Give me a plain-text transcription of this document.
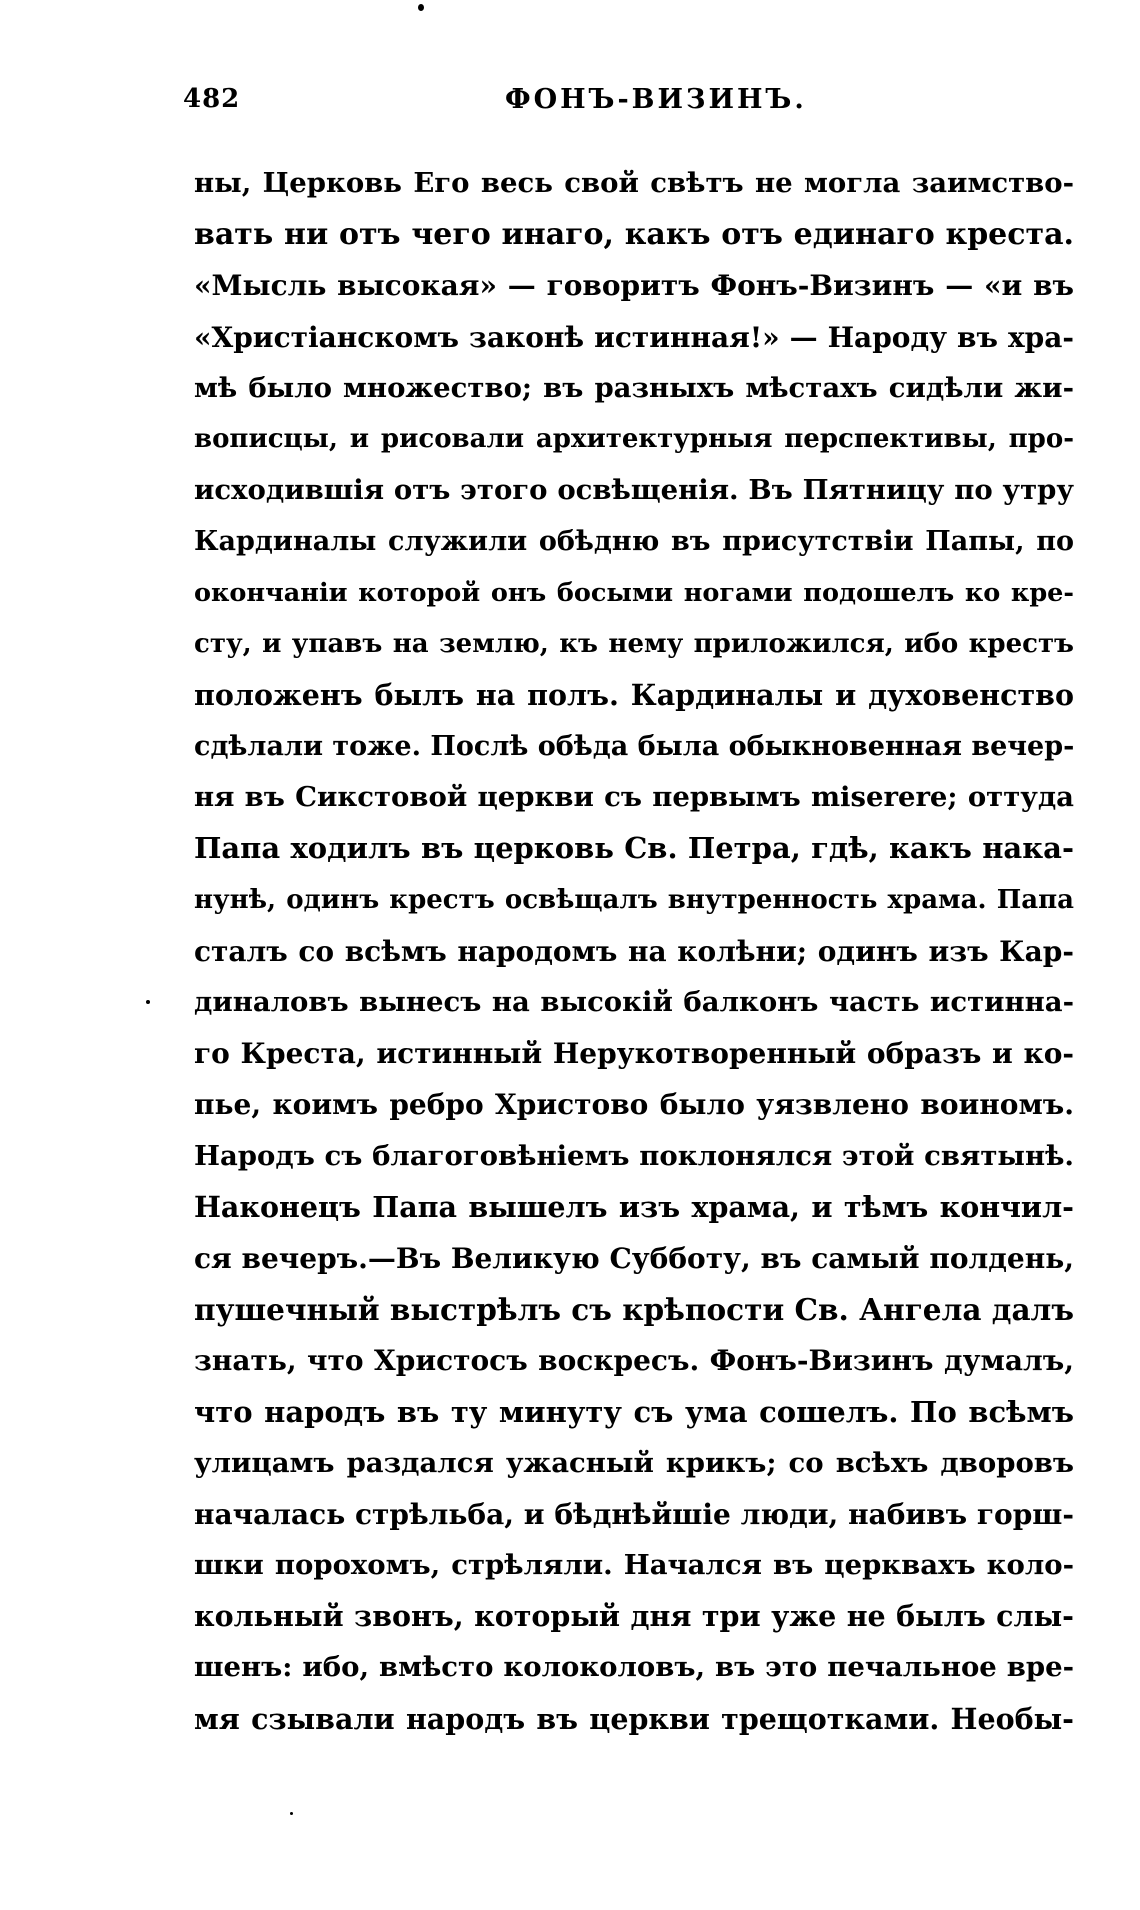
482	ФОНЪ-ВИЗИНЪ.
ны, Церковь Его весь свой свѣтъ не могла заимство-
вать ни отъ чего инаго, какъ отъ единаго креста.
«Мысль высокая» — говоритъ Фонъ-Визинъ — «и въ
«Христіанскомъ законѣ истинная!» — Народу въ хра-
мѣ было множество; въ разныхъ мѣстахъ сидѣли жи-
вописцы, и рисовали архитектурныя перспективы, про-
исходившія отъ этого освѣщенія. Въ Пятницу по утру
Кардиналы служили обѣдню въ присутствіи Папы, по
окончаніи которой онъ босыми ногами подошелъ ко кре-
сту, и упавъ на землю, къ нему приложился, ибо крестъ
положенъ былъ на полъ. Кардиналы и духовенство
сдѣлали тоже. Послѣ обѣда была обыкновенная вечер-
ня въ Сикстовой церкви съ первымъ miserere; оттуда
Папа ходилъ въ церковь Св. Петра, гдѣ, какъ нака-
нунѣ, одинъ крестъ освѣщалъ внутренность храма. Папа
сталъ со всѣмъ народомъ на колѣни; одинъ изъ Кар-
диналовъ вынесъ на высокій балконъ часть истинна-
го Креста, истинный Нерукотворенный образъ и ко-
пье, коимъ ребро Христово было уязвлено воиномъ.
Народъ съ благоговѣніемъ поклонялся этой святынѣ.
Наконецъ Папа вышелъ изъ храма, и тѣмъ кончил-
ся вечеръ.—Въ Великую Субботу, въ самый полдень,
пушечный выстрѣлъ съ крѣпости Св. Ангела далъ
знать, что Христосъ воскресъ. Фонъ-Визинъ думалъ,
что народъ въ ту минуту съ ума сошелъ. По всѣмъ
улицамъ раздался ужасный крикъ; со всѣхъ дворовъ
началась стрѣльба, и бѣднѣйшіе люди, набивъ горш-
шки порохомъ, стрѣляли. Начался въ церквахъ коло-
кольный звонъ, который дня три уже не былъ слы-
шенъ: ибо, вмѣсто колоколовъ, въ это печальное вре-
мя сзывали народъ въ церкви трещотками. Необы-
